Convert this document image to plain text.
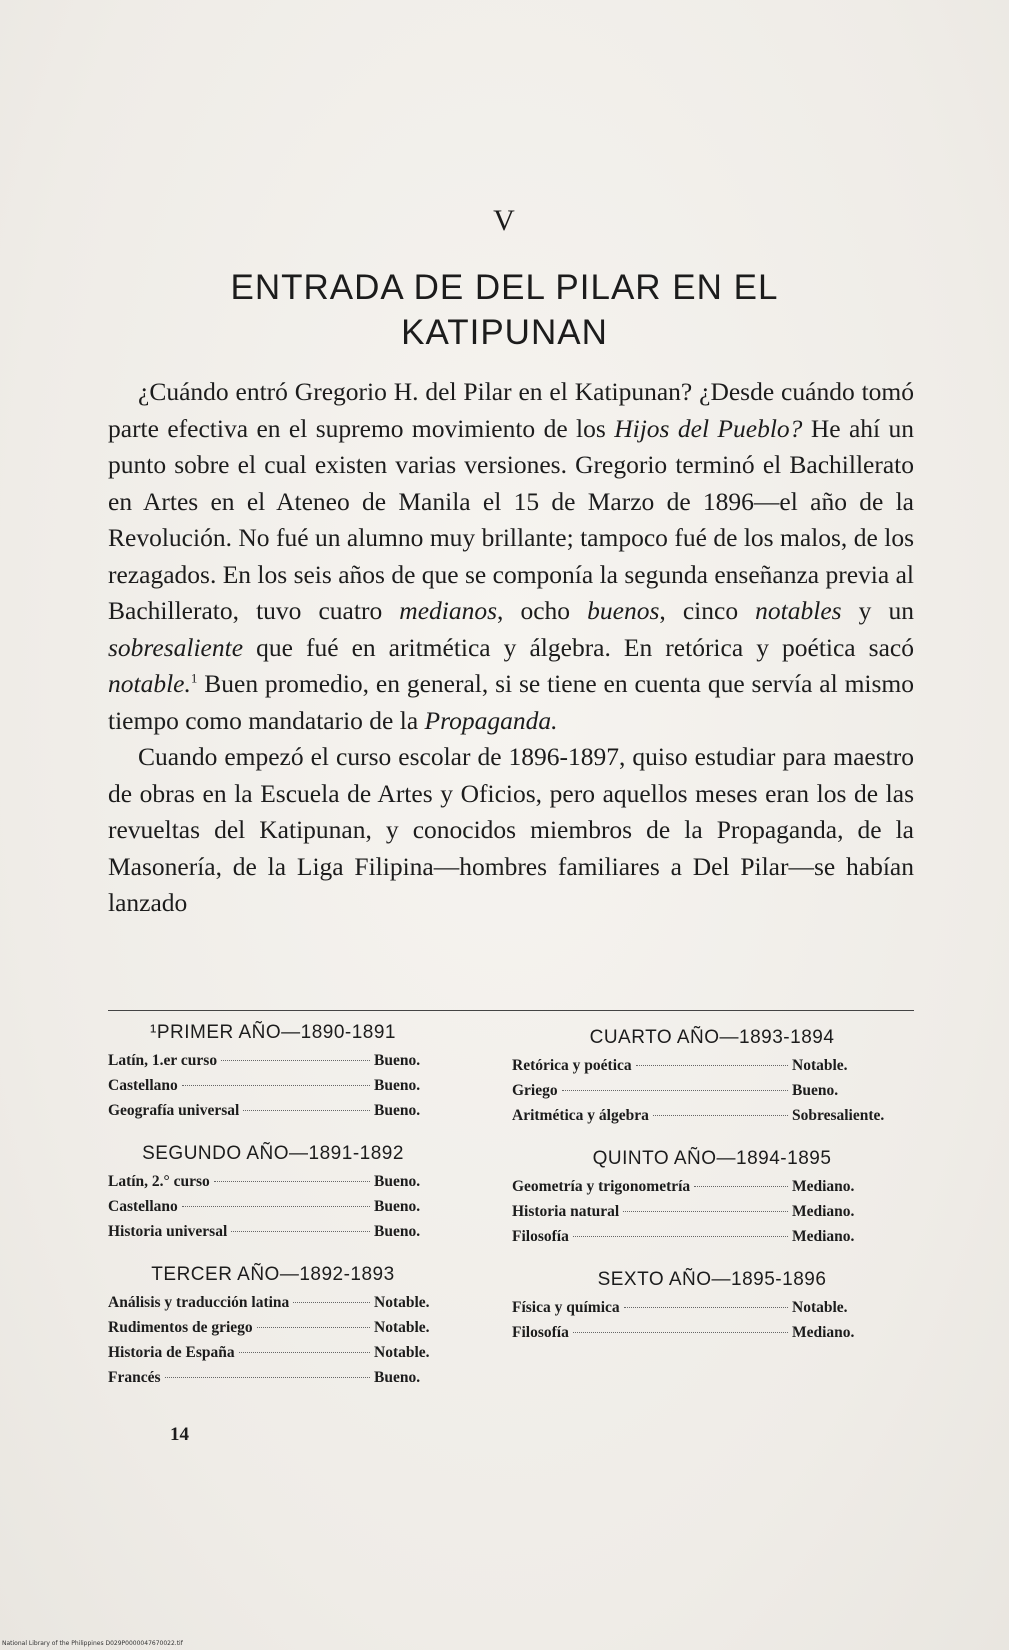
V
ENTRADA DE DEL PILAR EN EL KATIPUNAN

¿Cuándo entró Gregorio H. del Pilar en el Katipunan? ¿Desde cuándo tomó parte efectiva en el supremo movimiento de los Hijos del Pueblo? He ahí un punto sobre el cual existen varias versiones. Gregorio terminó el Bachillerato en Artes en el Ateneo de Manila el 15 de Marzo de 1896—el año de la Revolución. No fué un alumno muy brillante; tampoco fué de los malos, de los rezagados. En los seis años de que se componía la segunda enseñanza previa al Bachillerato, tuvo cuatro medianos, ocho buenos, cinco notables y un sobresaliente que fué en aritmética y álgebra. En retórica y poética sacó notable.$^1$ Buen promedio, en general, si se tiene en cuenta que servía al mismo tiempo como mandatario de la Propaganda.

Cuando empezó el curso escolar de 1896-1897, quiso estudiar para maestro de obras en la Escuela de Artes y Oficios, pero aquellos meses eran los de las revueltas del Katipunan, y conocidos miembros de la Propaganda, de la Masonería, de la Liga Filipina—hombres familiares a Del Pilar—se habían lanzado

¹PRIMER AÑO—1890-1891
Latín, 1.er curso	Bueno.
Castellano	Bueno.
Geografía universal	Bueno.
SEGUNDO AÑO—1891-1892
Latín, 2.° curso	Bueno.
Castellano	Bueno.
Historia universal	Bueno.
TERCER AÑO—1892-1893
Análisis y traducción latina	Notable.
Rudimentos de griego	Notable.
Historia de España	Notable.
Francés	Bueno.
CUARTO AÑO—1893-1894
Retórica y poética	Notable.
Griego	Bueno.
Aritmética y álgebra	Sobresaliente.
QUINTO AÑO—1894-1895
Geometría y trigonometría	Mediano.
Historia natural	Mediano.
Filosofía	Mediano.
SEXTO AÑO—1895-1896
Física y química	Notable.
Filosofía	Mediano.
14
National Library of the Philippines D029P0000047670022.tif
